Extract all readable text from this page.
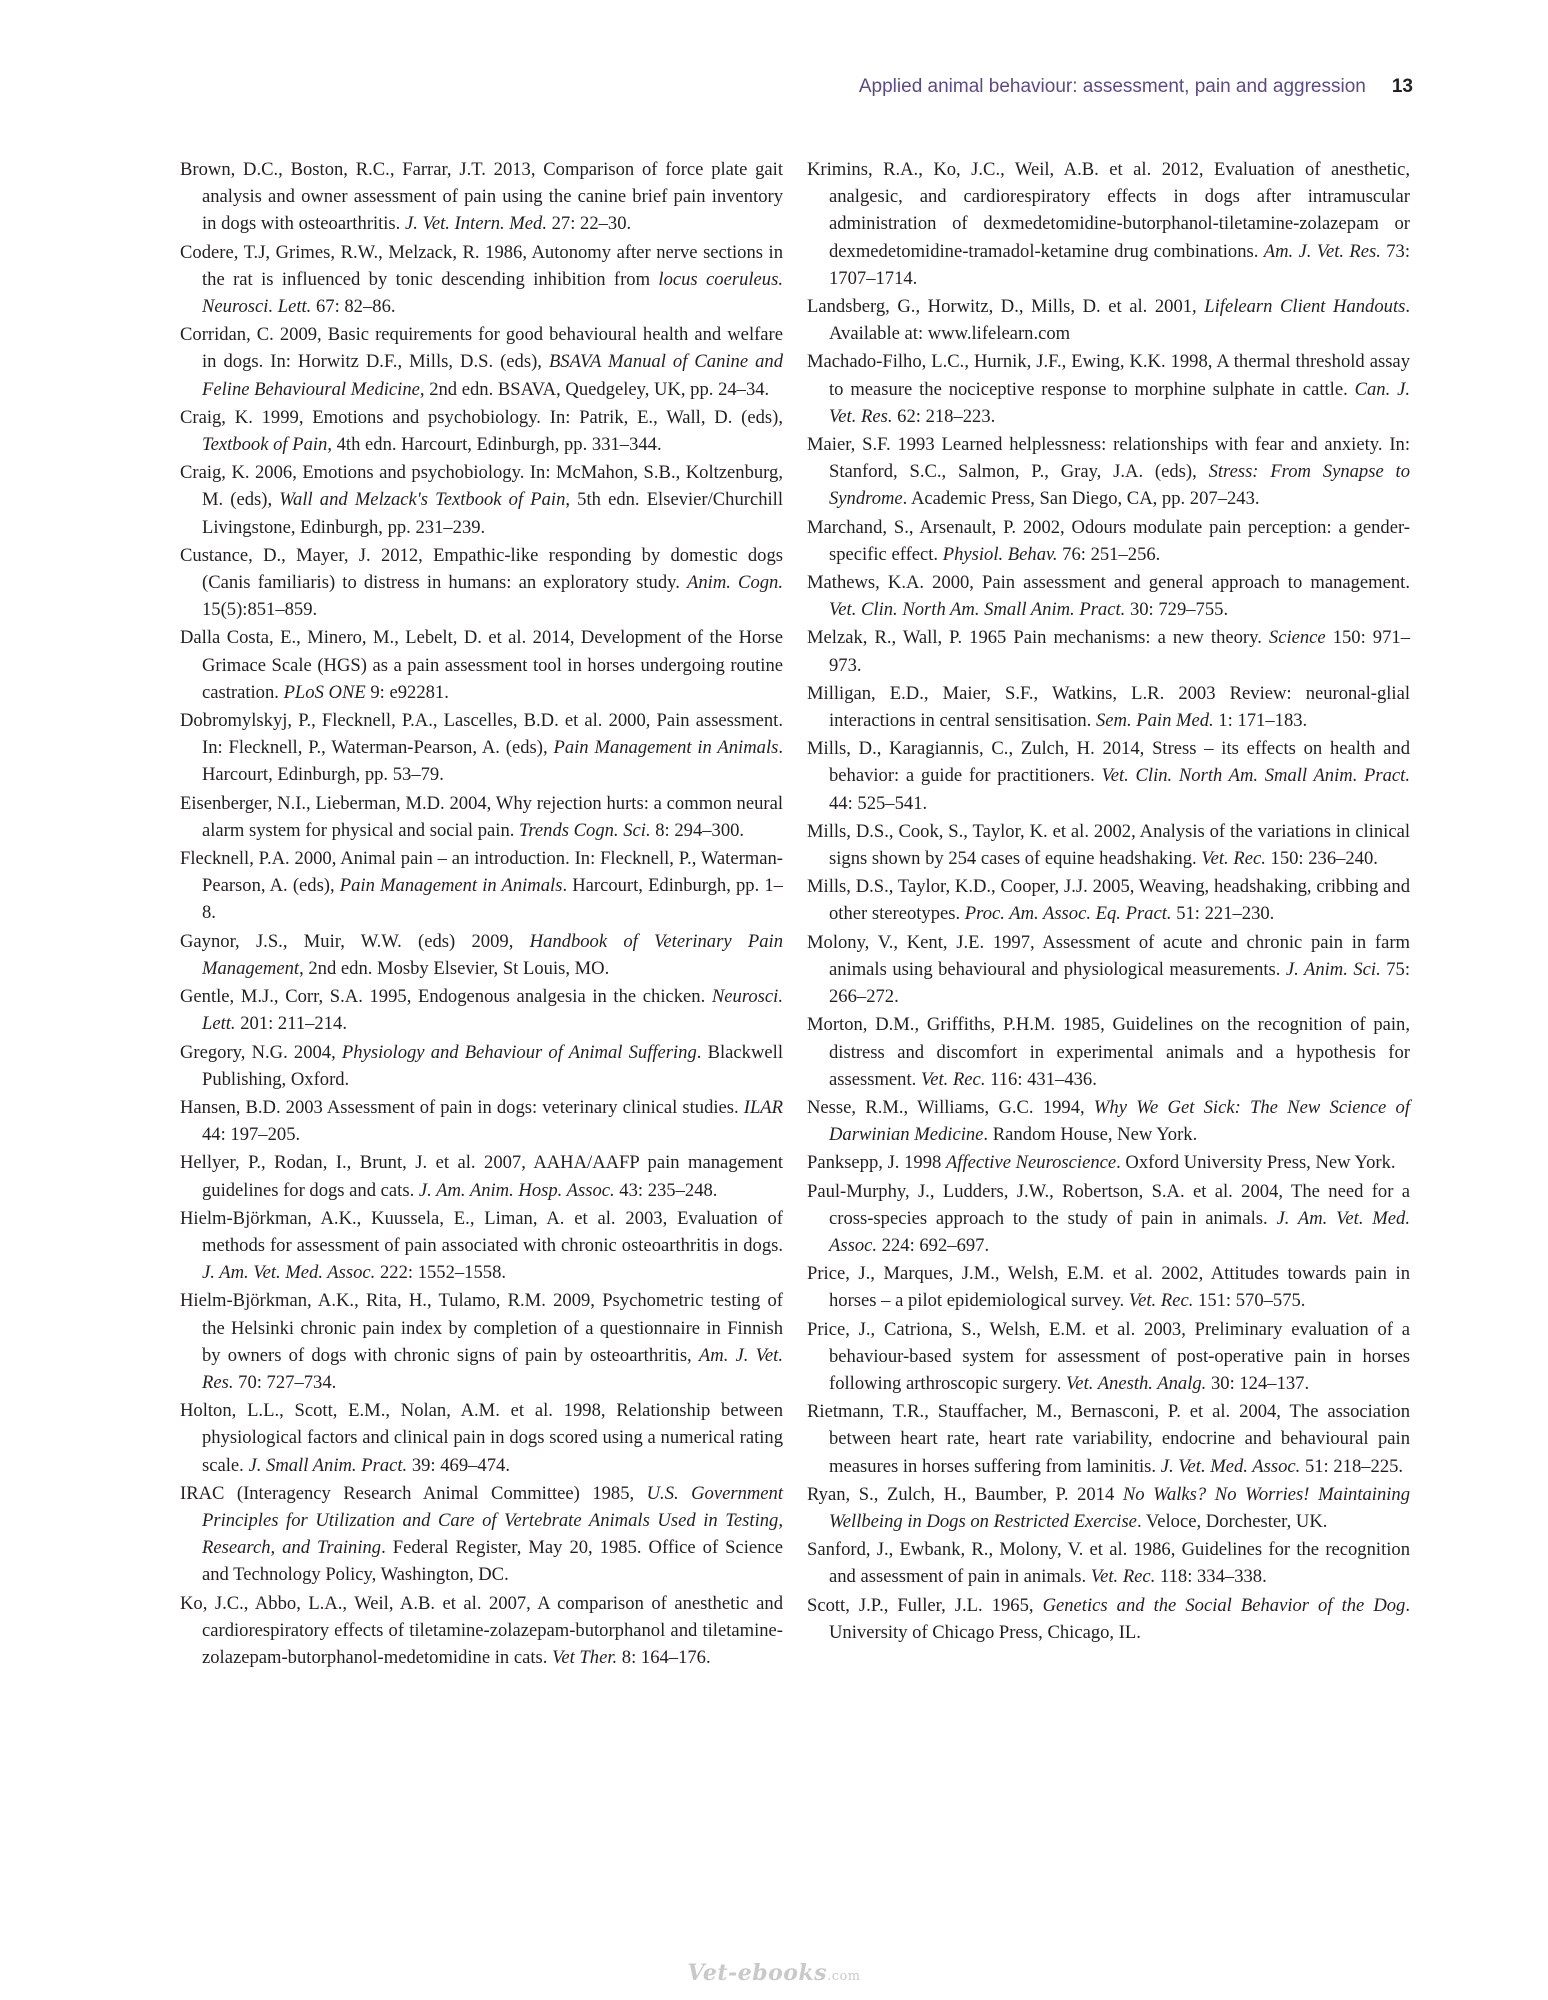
Applied animal behaviour: assessment, pain and aggression 13

Brown, D.C., Boston, R.C., Farrar, J.T. 2013, Comparison of force plate gait analysis and owner assessment of pain using the canine brief pain inventory in dogs with osteoarthritis. J. Vet. Intern. Med. 27: 22–30.

Codere, T.J, Grimes, R.W., Melzack, R. 1986, Autonomy after nerve sections in the rat is influenced by tonic descending inhibition from locus coeruleus. Neurosci. Lett. 67: 82–86.

Corridan, C. 2009, Basic requirements for good behavioural health and welfare in dogs. In: Horwitz D.F., Mills, D.S. (eds), BSAVA Manual of Canine and Feline Behavioural Medicine, 2nd edn. BSAVA, Quedgeley, UK, pp. 24–34.

Craig, K. 1999, Emotions and psychobiology. In: Patrik, E., Wall, D. (eds), Textbook of Pain, 4th edn. Harcourt, Edinburgh, pp. 331–344.

Craig, K. 2006, Emotions and psychobiology. In: McMahon, S.B., Koltzenburg, M. (eds), Wall and Melzack's Textbook of Pain, 5th edn. Elsevier/Churchill Livingstone, Edinburgh, pp. 231–239.

Custance, D., Mayer, J. 2012, Empathic-like responding by domestic dogs (Canis familiaris) to distress in humans: an exploratory study. Anim. Cogn. 15(5):851–859.

Dalla Costa, E., Minero, M., Lebelt, D. et al. 2014, Development of the Horse Grimace Scale (HGS) as a pain assessment tool in horses undergoing routine castration. PLoS ONE 9: e92281.

Dobromylskyj, P., Flecknell, P.A., Lascelles, B.D. et al. 2000, Pain assessment. In: Flecknell, P., Waterman-Pearson, A. (eds), Pain Management in Animals. Harcourt, Edinburgh, pp. 53–79.

Eisenberger, N.I., Lieberman, M.D. 2004, Why rejection hurts: a common neural alarm system for physical and social pain. Trends Cogn. Sci. 8: 294–300.

Flecknell, P.A. 2000, Animal pain – an introduction. In: Flecknell, P., Waterman-Pearson, A. (eds), Pain Management in Animals. Harcourt, Edinburgh, pp. 1–8.

Gaynor, J.S., Muir, W.W. (eds) 2009, Handbook of Veterinary Pain Management, 2nd edn. Mosby Elsevier, St Louis, MO.

Gentle, M.J., Corr, S.A. 1995, Endogenous analgesia in the chicken. Neurosci. Lett. 201: 211–214.

Gregory, N.G. 2004, Physiology and Behaviour of Animal Suffering. Blackwell Publishing, Oxford.

Hansen, B.D. 2003 Assessment of pain in dogs: veterinary clinical studies. ILAR 44: 197–205.

Hellyer, P., Rodan, I., Brunt, J. et al. 2007, AAHA/AAFP pain management guidelines for dogs and cats. J. Am. Anim. Hosp. Assoc. 43: 235–248.

Hielm-Björkman, A.K., Kuussela, E., Liman, A. et al. 2003, Evaluation of methods for assessment of pain associated with chronic osteoarthritis in dogs. J. Am. Vet. Med. Assoc. 222: 1552–1558.

Hielm-Björkman, A.K., Rita, H., Tulamo, R.M. 2009, Psychometric testing of the Helsinki chronic pain index by completion of a questionnaire in Finnish by owners of dogs with chronic signs of pain by osteoarthritis, Am. J. Vet. Res. 70: 727–734.

Holton, L.L., Scott, E.M., Nolan, A.M. et al. 1998, Relationship between physiological factors and clinical pain in dogs scored using a numerical rating scale. J. Small Anim. Pract. 39: 469–474.

IRAC (Interagency Research Animal Committee) 1985, U.S. Government Principles for Utilization and Care of Vertebrate Animals Used in Testing, Research, and Training. Federal Register, May 20, 1985. Office of Science and Technology Policy, Washington, DC.

Ko, J.C., Abbo, L.A., Weil, A.B. et al. 2007, A comparison of anesthetic and cardiorespiratory effects of tiletamine-zolazepam-butorphanol and tiletamine-zolazepam-butorphanol-medetomidine in cats. Vet Ther. 8: 164–176.

Krimins, R.A., Ko, J.C., Weil, A.B. et al. 2012, Evaluation of anesthetic, analgesic, and cardiorespiratory effects in dogs after intramuscular administration of dexmedetomidine-butorphanol-tiletamine-zolazepam or dexmedetomidine-tramadol-ketamine drug combinations. Am. J. Vet. Res. 73: 1707–1714.

Landsberg, G., Horwitz, D., Mills, D. et al. 2001, Lifelearn Client Handouts. Available at: www.lifelearn.com

Machado-Filho, L.C., Hurnik, J.F., Ewing, K.K. 1998, A thermal threshold assay to measure the nociceptive response to morphine sulphate in cattle. Can. J. Vet. Res. 62: 218–223.

Maier, S.F. 1993 Learned helplessness: relationships with fear and anxiety. In: Stanford, S.C., Salmon, P., Gray, J.A. (eds), Stress: From Synapse to Syndrome. Academic Press, San Diego, CA, pp. 207–243.

Marchand, S., Arsenault, P. 2002, Odours modulate pain perception: a gender-specific effect. Physiol. Behav. 76: 251–256.

Mathews, K.A. 2000, Pain assessment and general approach to management. Vet. Clin. North Am. Small Anim. Pract. 30: 729–755.

Melzak, R., Wall, P. 1965 Pain mechanisms: a new theory. Science 150: 971–973.

Milligan, E.D., Maier, S.F., Watkins, L.R. 2003 Review: neuronal-glial interactions in central sensitisation. Sem. Pain Med. 1: 171–183.

Mills, D., Karagiannis, C., Zulch, H. 2014, Stress – its effects on health and behavior: a guide for practitioners. Vet. Clin. North Am. Small Anim. Pract. 44: 525–541.

Mills, D.S., Cook, S., Taylor, K. et al. 2002, Analysis of the variations in clinical signs shown by 254 cases of equine headshaking. Vet. Rec. 150: 236–240.

Mills, D.S., Taylor, K.D., Cooper, J.J. 2005, Weaving, headshaking, cribbing and other stereotypes. Proc. Am. Assoc. Eq. Pract. 51: 221–230.

Molony, V., Kent, J.E. 1997, Assessment of acute and chronic pain in farm animals using behavioural and physiological measurements. J. Anim. Sci. 75: 266–272.

Morton, D.M., Griffiths, P.H.M. 1985, Guidelines on the recognition of pain, distress and discomfort in experimental animals and a hypothesis for assessment. Vet. Rec. 116: 431–436.

Nesse, R.M., Williams, G.C. 1994, Why We Get Sick: The New Science of Darwinian Medicine. Random House, New York.

Panksepp, J. 1998 Affective Neuroscience. Oxford University Press, New York.

Paul-Murphy, J., Ludders, J.W., Robertson, S.A. et al. 2004, The need for a cross-species approach to the study of pain in animals. J. Am. Vet. Med. Assoc. 224: 692–697.

Price, J., Marques, J.M., Welsh, E.M. et al. 2002, Attitudes towards pain in horses – a pilot epidemiological survey. Vet. Rec. 151: 570–575.

Price, J., Catriona, S., Welsh, E.M. et al. 2003, Preliminary evaluation of a behaviour-based system for assessment of post-operative pain in horses following arthroscopic surgery. Vet. Anesth. Analg. 30: 124–137.

Rietmann, T.R., Stauffacher, M., Bernasconi, P. et al. 2004, The association between heart rate, heart rate variability, endocrine and behavioural pain measures in horses suffering from laminitis. J. Vet. Med. Assoc. 51: 218–225.

Ryan, S., Zulch, H., Baumber, P. 2014 No Walks? No Worries! Maintaining Wellbeing in Dogs on Restricted Exercise. Veloce, Dorchester, UK.

Sanford, J., Ewbank, R., Molony, V. et al. 1986, Guidelines for the recognition and assessment of pain in animals. Vet. Rec. 118: 334–338.

Scott, J.P., Fuller, J.L. 1965, Genetics and the Social Behavior of the Dog. University of Chicago Press, Chicago, IL.

Vet-ebooks.com
